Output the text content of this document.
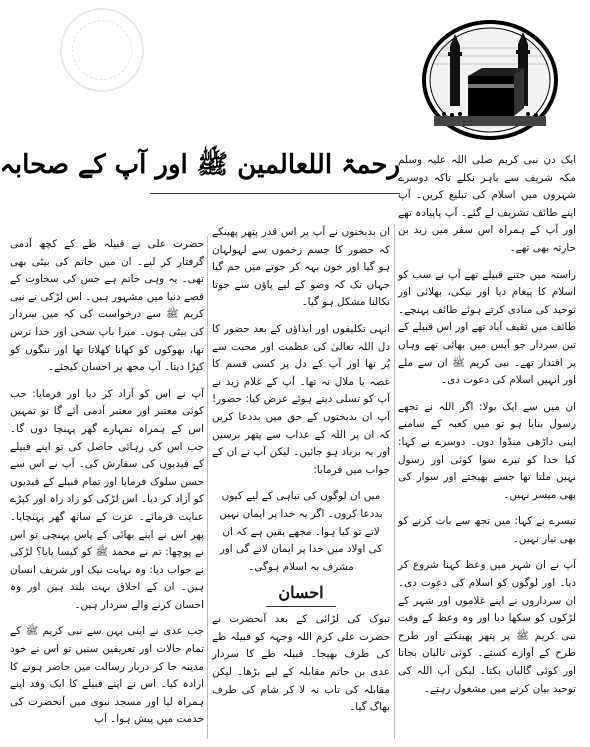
رحمۃ اللعالمین ﷺ اور آپ کے صحابہ

ایک دن نبی کریم صلی اللہ علیہ وسلم مکہ شریف سے باہر نکلے تاکہ دوسرے شہروں میں اسلام کی تبلیغ کریں۔ آپ اپنے طائف تشریف لے گئے۔ آپ پاپیادہ تھے اور آپ کے ہمراہ اس سفر میں زید بن حارثہ بھی تھے۔

راستہ میں جتنے قبیلے تھے آپ نے سب کو اسلام کا پیغام دیا اور نیکی، بھلائی اور توحید کی منادی کرتے ہوئے طائف پہنچے۔ طائف میں ثقیف آباد تھے اور اس قبیلے کے تین سردار جو آپس میں بھائی تھے وہاں پر اقتدار تھے۔ نبی کریم ﷺ ان سے ملے اور انہیں اسلام کی دعوت دی۔

ان میں سے ایک بولا: اگر اللہ نے تجھے رسول بنایا ہو تو میں کعبہ کے سامنے اپنی داڑھی منڈوا دوں۔ دوسرے نے کہا: کیا خدا کو تیرے سوا کوئی اور رسول نہیں ملتا تھا جسے بھیجتے اور سوار کی بھی میسر نہیں۔

تیسرے نے کہا: میں تجھ سے بات کرنے کو بھی تیار نہیں۔

آپ نے ان شہر میں وعظ کہنا شروع کر دیا۔ اور لوگوں کو اسلام کی دعوت دی۔ ان سرداروں نے اپنے غلاموں اور شہر کے لڑکوں کو سکھا دیا اور وہ وعظ کے وقت نبی کریم ﷺ پر پتھر پھینکتے اور طرح طرح کے آوازے کستے۔ کوئی تالیاں بجاتا اور کوئی گالیاں بکتا۔ لیکن آپ اللہ کی توحید بیان کرنے میں مشغول رہتے۔

ان بدبختوں نے آپ پر اس قدر پتھر پھینکے کہ حضور کا جسم زخموں سے لہولہان ہو گیا اور خون بہہ کر جوتے میں جم گیا جہاں تک کہ وضو کے لیے پاؤں سے جوتا نکالنا مشکل ہو گیا۔

انہی تکلیفوں اور ایذاؤں کے بعد حضور کا دل اللہ تعالیٰ کی عظمت اور محبت سے پُر تھا اور آپ کے دل پر کسی قسم کا غصہ یا ملال نہ تھا۔ آپ کے غلام زید نے آپ کو تسلی دیتے ہوئے عرض کیا: حضور! آپ ان بدبختوں کے حق میں بددعا کریں کہ ان پر اللہ کے عذاب سے پتھر برسیں اور یہ برباد ہو جائیں۔ لیکن آپ نے ان کے جواب میں فرمایا:

میں ان لوگوں کی تباہی کے لیے کیوں

بددعا کروں۔ اگر یہ خدا پر ایمان نہیں

لاتے تو کیا ہوا۔ مجھے یقین ہے کہ ان

کی اولاد میں خدا پر ایمان لانے گی اور

مشرف بہ اسلام ہوگی۔

احسان

تبوک کی لڑائی کے بعد آنحضرت نے حضرت علی کرم اللہ وجہہ کو قبیلہ طے کی طرف بھیجا۔ قبیلہ طے کا سردار عدی بن حاتم مقابلہ کے لیے بڑھا۔ لیکن مقابلہ کی تاب نہ لا کر شام کی طرف بھاگ گیا۔

حضرت علی نے قبیلہ طے کے کچھ آدمی گرفتار کر لیے۔ ان میں حاتم کی بیٹی بھی تھی۔ یہ وہی حاتم ہے جس کی سخاوت کے قصے دنیا میں مشہور ہیں۔ اس لڑکی نے نبی کریم ﷺ سے درخواست کی کہ میں سردار کی بیٹی ہوں۔ میرا باپ سخی اور خدا ترس تھا، بھوکوں کو کھانا کھلاتا تھا اور ننگوں کو کپڑا دیتا۔ آپ مجھ پر احسان کیجئے۔

آپ نے اس کو آزاد کر دیا اور فرمایا: جب کوئی معتبر اور معتبر آدمی آئے گا تو تمہیں اس کے ہمراہ تمہارے گھر پہنچا دوں گا۔ جب اس کی رہائی حاصل کی تو اپنے قبیلے کے قیدیوں کی سفارش کی۔ آپ نے اس سے حسن سلوک فرمایا اور تمام قبیلے کے قیدیوں کو آزاد کر دیا۔ اس لڑکی کو زاد راہ اور کپڑے عنایت فرمائے۔ عزت کے ساتھ گھر پہنچایا۔ پھر اس نے اپنے بھائی کے پاس پہنچی تو اس نے پوچھا: تم نے محمد ﷺ کو کیسا پایا؟ لڑکی نے جواب دیا: وہ نہایت نیک اور شریف انسان ہیں۔ ان کے اخلاق بہت بلند ہیں اور وہ احسان کرنے والے سردار ہیں۔

جب عدی نے اپنی بہن سے نبی کریم ﷺ کے تمام حالات اور تعریفیں سنیں تو اس نے خود مدینہ جا کر دربار رسالت میں حاضر ہونے کا ارادہ کیا۔ اس نے اپنے قبیلے کا ایک وفد اپنے ہمراہ لیا اور مسجد نبوی میں آنحضرت کی خدمت میں پیش ہوا۔ آپ
